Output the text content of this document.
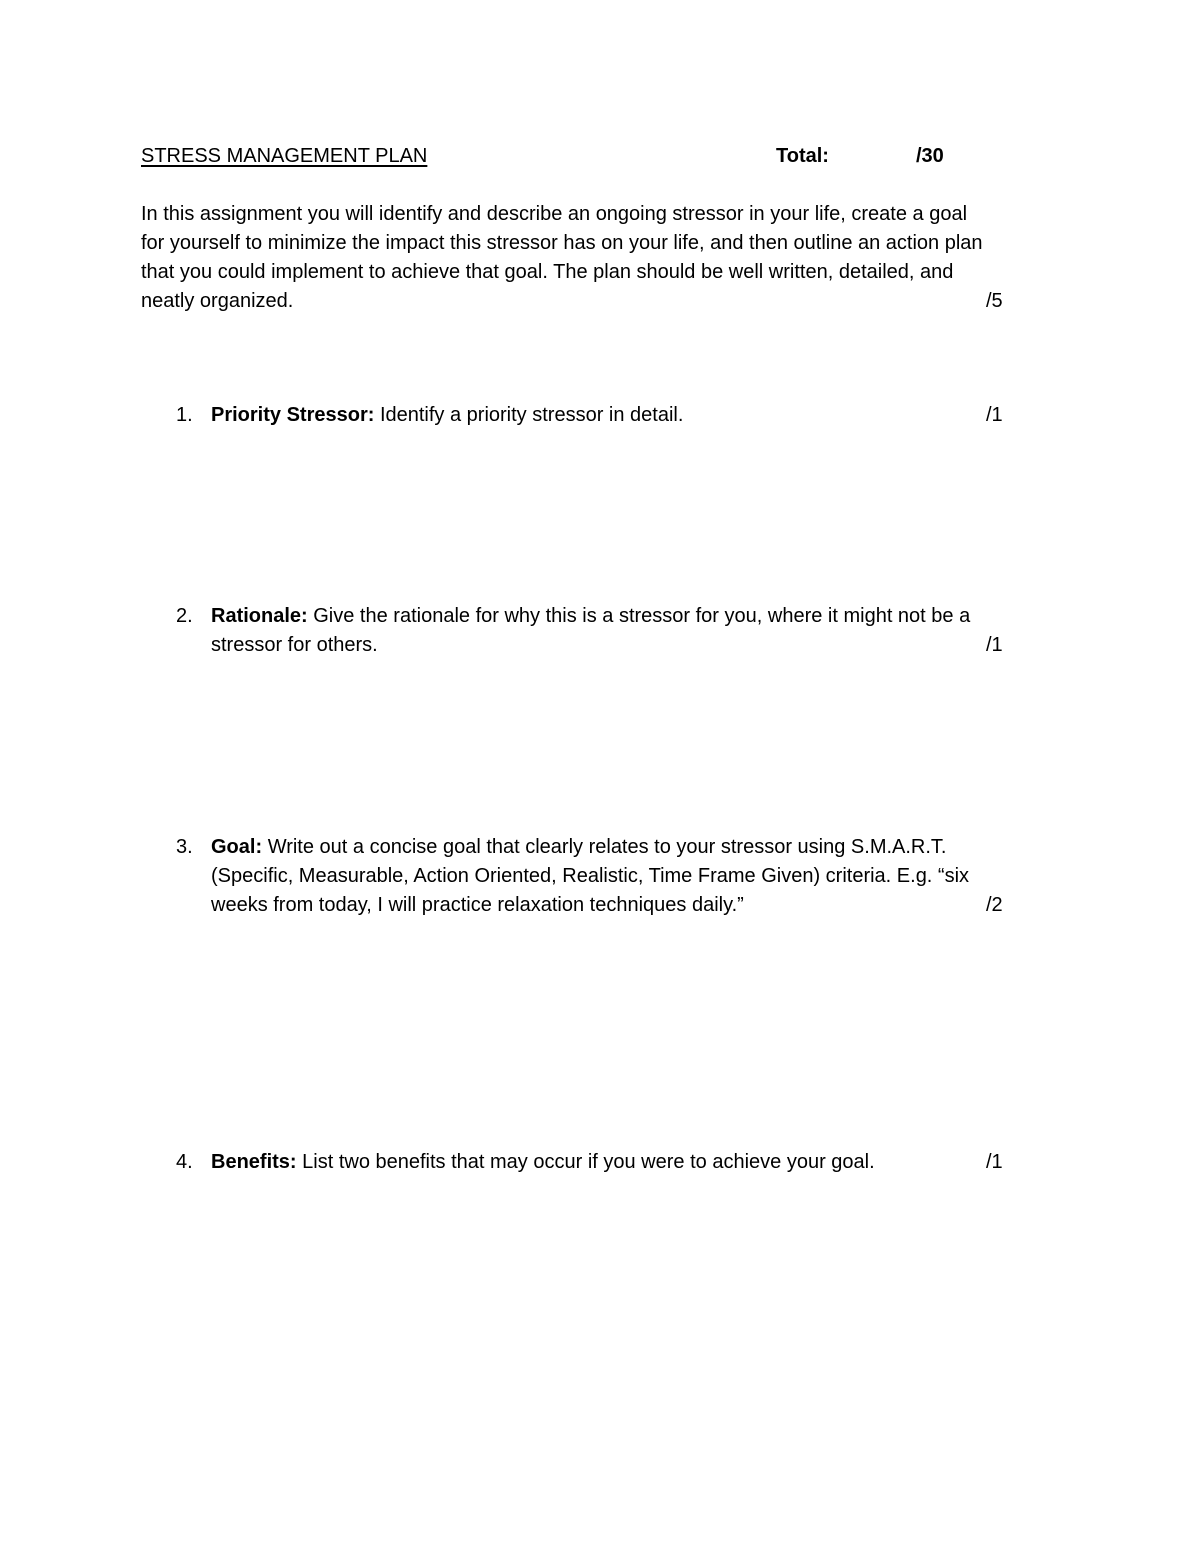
STRESS MANAGEMENT PLAN	Total:	/30
In this assignment you will identify and describe an ongoing stressor in your life, create a goal
for yourself to minimize the impact this stressor has on your life, and then outline an action plan
that you could implement to achieve that goal. The plan should be well written, detailed, and
neatly organized.	/5
1. Priority Stressor: Identify a priority stressor in detail.	/1
2. Rationale: Give the rationale for why this is a stressor for you, where it might not be a
stressor for others.	/1
3. Goal: Write out a concise goal that clearly relates to your stressor using S.M.A.R.T.
(Specific, Measurable, Action Oriented, Realistic, Time Frame Given) criteria. E.g. “six
weeks from today, I will practice relaxation techniques daily.”	/2
4. Benefits: List two benefits that may occur if you were to achieve your goal.	/1
